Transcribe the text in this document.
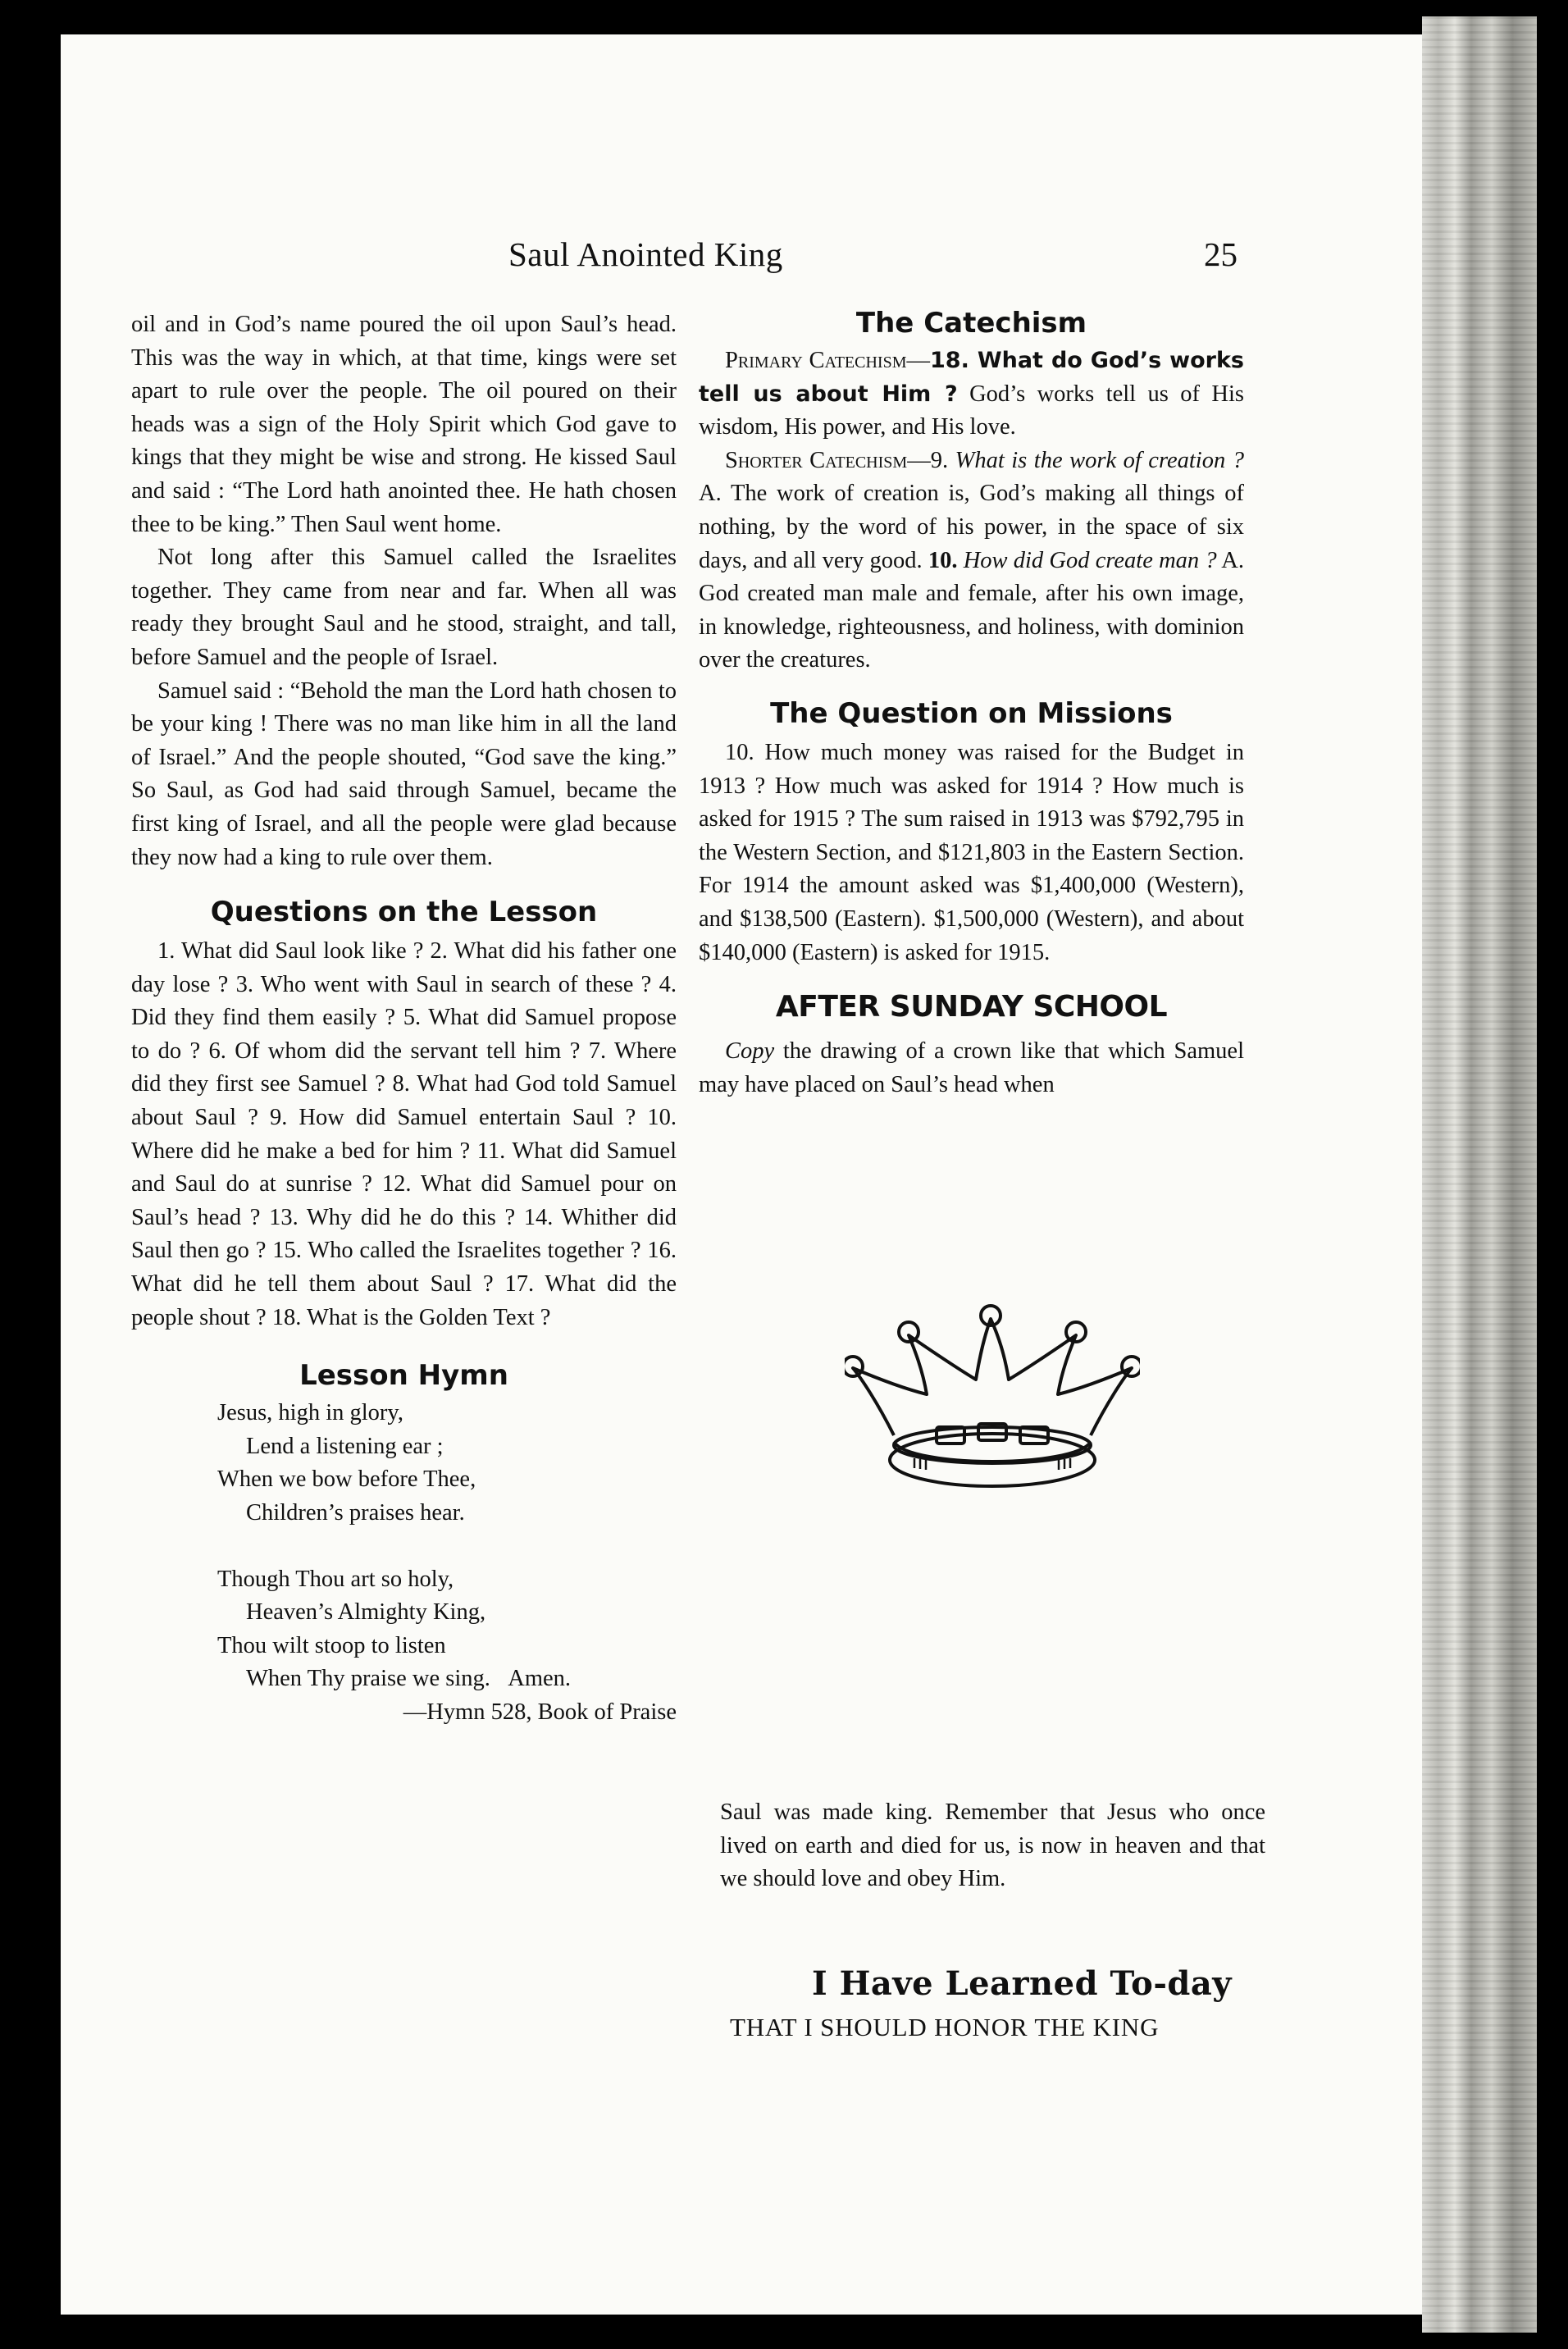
Saul Anointed King	25

oil and in God’s name poured the oil upon Saul’s head. This was the way in which, at that time, kings were set apart to rule over the people. The oil poured on their heads was a sign of the Holy Spirit which God gave to kings that they might be wise and strong. He kissed Saul and said : “The Lord hath anointed thee. He hath chosen thee to be king.” Then Saul went home.

Not long after this Samuel called the Israelites together. They came from near and far. When all was ready they brought Saul and he stood, straight, and tall, before Samuel and the people of Israel.

Samuel said : “Behold the man the Lord hath chosen to be your king ! There was no man like him in all the land of Israel.” And the people shouted, “God save the king.” So Saul, as God had said through Samuel, became the first king of Israel, and all the people were glad because they now had a king to rule over them.

Questions on the Lesson

1. What did Saul look like ? 2. What did his father one day lose ? 3. Who went with Saul in search of these ? 4. Did they find them easily ? 5. What did Samuel propose to do ? 6. Of whom did the servant tell him ? 7. Where did they first see Samuel ? 8. What had God told Samuel about Saul ? 9. How did Samuel entertain Saul ? 10. Where did he make a bed for him ? 11. What did Samuel and Saul do at sunrise ? 12. What did Samuel pour on Saul’s head ? 13. Why did he do this ? 14. Whither did Saul then go ? 15. Who called the Israelites together ? 16. What did he tell them about Saul ? 17. What did the people shout ? 18. What is the Golden Text ?

Lesson Hymn
Jesus, high in glory,
Lend a listening ear ;
When we bow before Thee,
Children’s praises hear.
Though Thou art so holy,
Heaven’s Almighty King,
Thou wilt stoop to listen
When Thy praise we sing. Amen.
—Hymn 528, Book of Praise
The Catechism

Primary Catechism—18. What do God’s works tell us about Him ? God’s works tell us of His wisdom, His power, and His love.

Shorter Catechism—9. What is the work of creation ? A. The work of creation is, God’s making all things of nothing, by the word of his power, in the space of six days, and all very good. 10. How did God create man ? A. God created man male and female, after his own image, in knowledge, righteousness, and holiness, with dominion over the creatures.

The Question on Missions

10. How much money was raised for the Budget in 1913 ? How much was asked for 1914 ? How much is asked for 1915 ? The sum raised in 1913 was $792,795 in the Western Section, and $121,803 in the Eastern Section. For 1914 the amount asked was $1,400,000 (Western), and $138,500 (Eastern). $1,500,000 (Western), and about $140,000 (Eastern) is asked for 1915.

AFTER SUNDAY SCHOOL

Copy the drawing of a crown like that which Samuel may have placed on Saul’s head when

Saul was made king. Remember that Jesus who once lived on earth and died for us, is now in heaven and that we should love and obey Him.

I Have Learned To-day
THAT I SHOULD HONOR THE KING
